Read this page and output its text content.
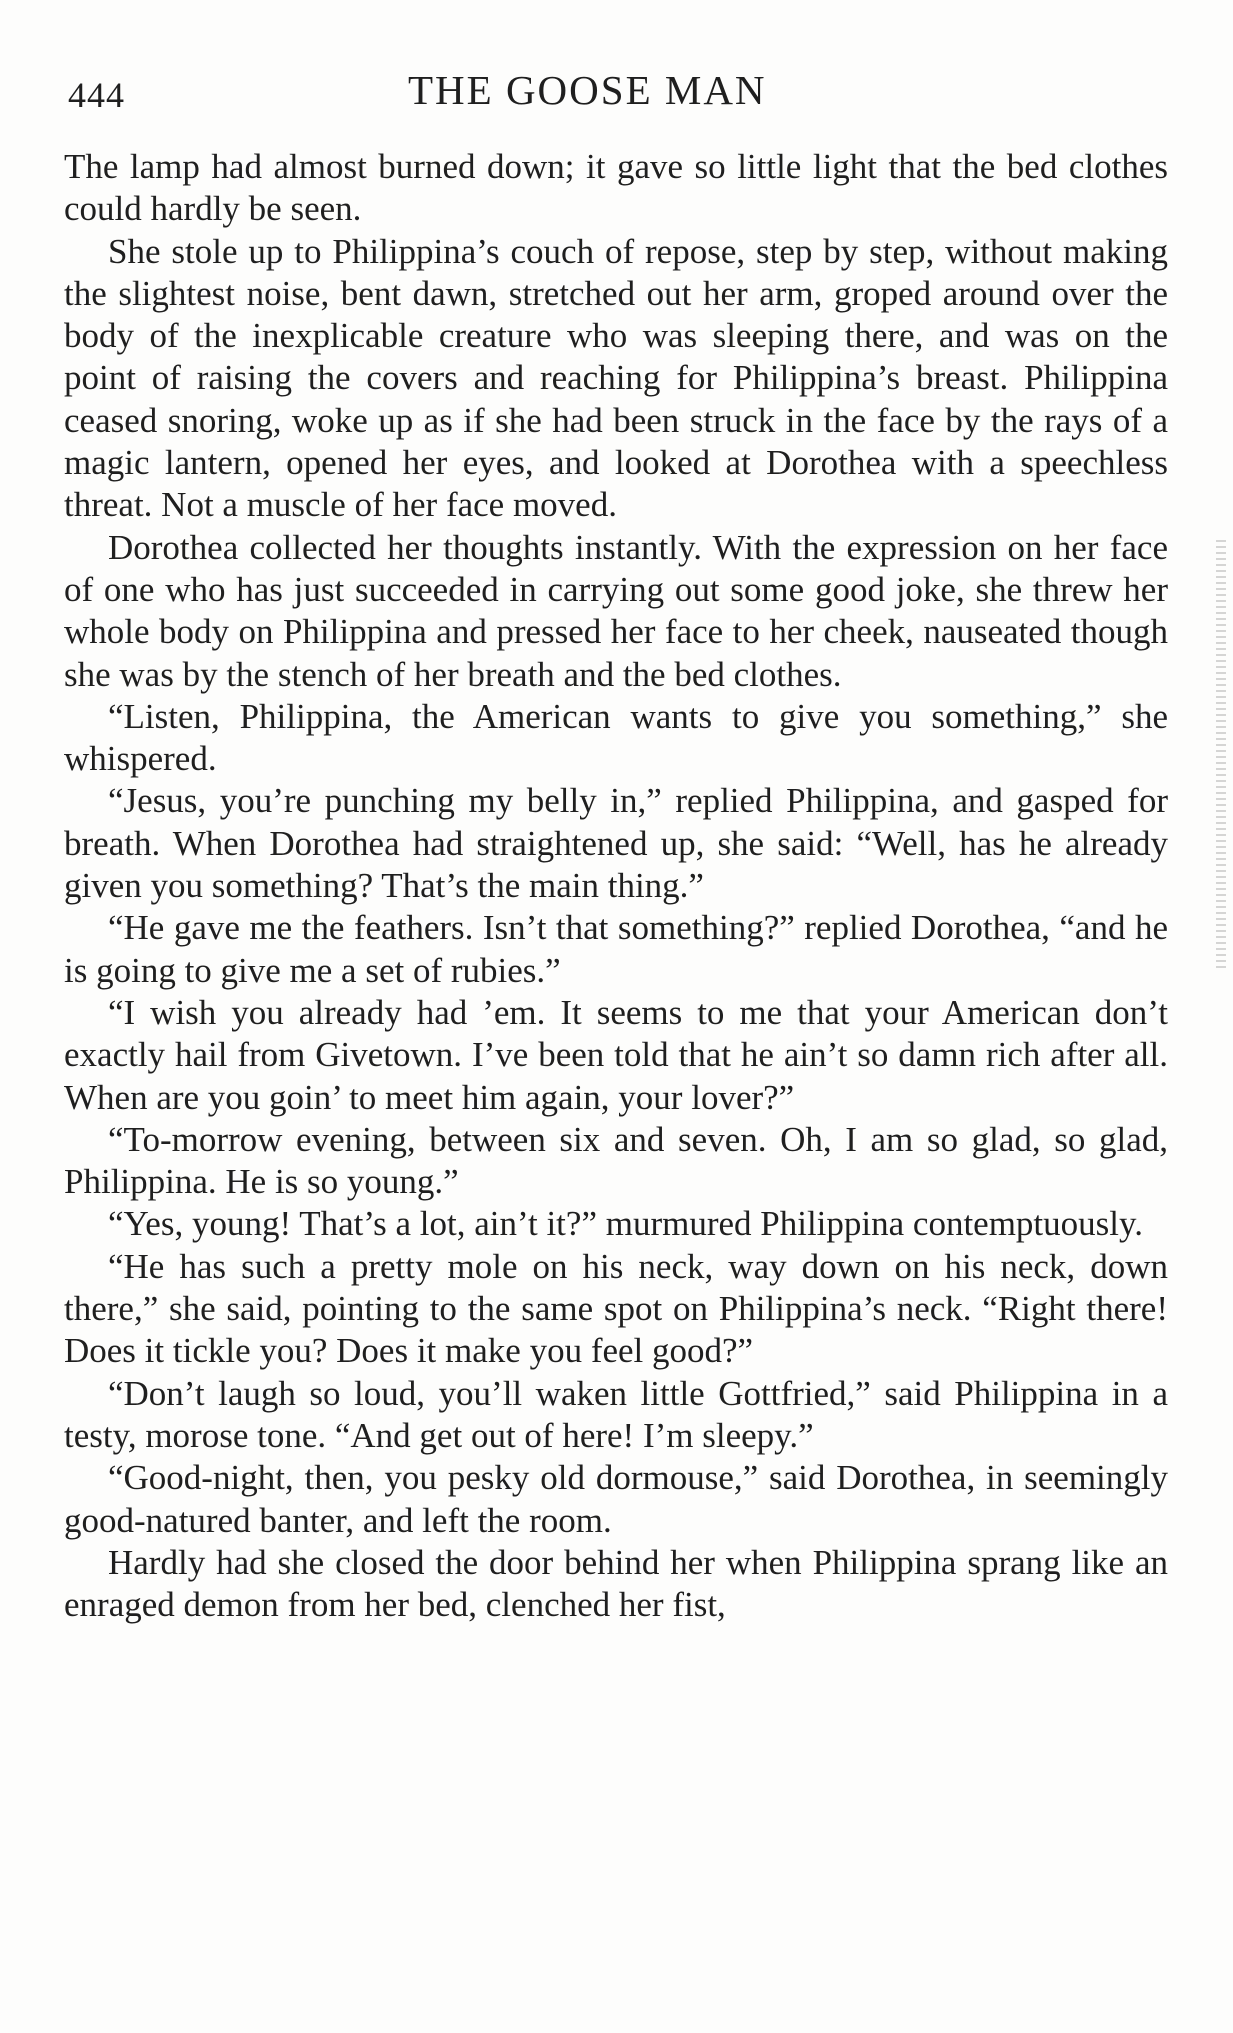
444	THE GOOSE MAN

The lamp had almost burned down; it gave so little light that the bed clothes could hardly be seen.

She stole up to Philippina’s couch of repose, step by step, without making the slightest noise, bent dawn, stretched out her arm, groped around over the body of the inexplicable creature who was sleeping there, and was on the point of raising the covers and reaching for Philippina’s breast. Philippina ceased snoring, woke up as if she had been struck in the face by the rays of a magic lantern, opened her eyes, and looked at Dorothea with a speechless threat. Not a muscle of her face moved.

Dorothea collected her thoughts instantly. With the expression on her face of one who has just succeeded in carrying out some good joke, she threw her whole body on Philippina and pressed her face to her cheek, nauseated though she was by the stench of her breath and the bed clothes.

“Listen, Philippina, the American wants to give you something,” she whispered.

“Jesus, you’re punching my belly in,” replied Philippina, and gasped for breath. When Dorothea had straightened up, she said: “Well, has he already given you something? That’s the main thing.”

“He gave me the feathers. Isn’t that something?” replied Dorothea, “and he is going to give me a set of rubies.”

“I wish you already had ’em. It seems to me that your American don’t exactly hail from Givetown. I’ve been told that he ain’t so damn rich after all. When are you goin’ to meet him again, your lover?”

“To-morrow evening, between six and seven. Oh, I am so glad, so glad, Philippina. He is so young.”

“Yes, young! That’s a lot, ain’t it?” murmured Philippina contemptuously.

“He has such a pretty mole on his neck, way down on his neck, down there,” she said, pointing to the same spot on Philippina’s neck. “Right there! Does it tickle you? Does it make you feel good?”

“Don’t laugh so loud, you’ll waken little Gottfried,” said Philippina in a testy, morose tone. “And get out of here! I’m sleepy.”

“Good-night, then, you pesky old dormouse,” said Dorothea, in seemingly good-natured banter, and left the room.

Hardly had she closed the door behind her when Philippina sprang like an enraged demon from her bed, clenched her fist,
